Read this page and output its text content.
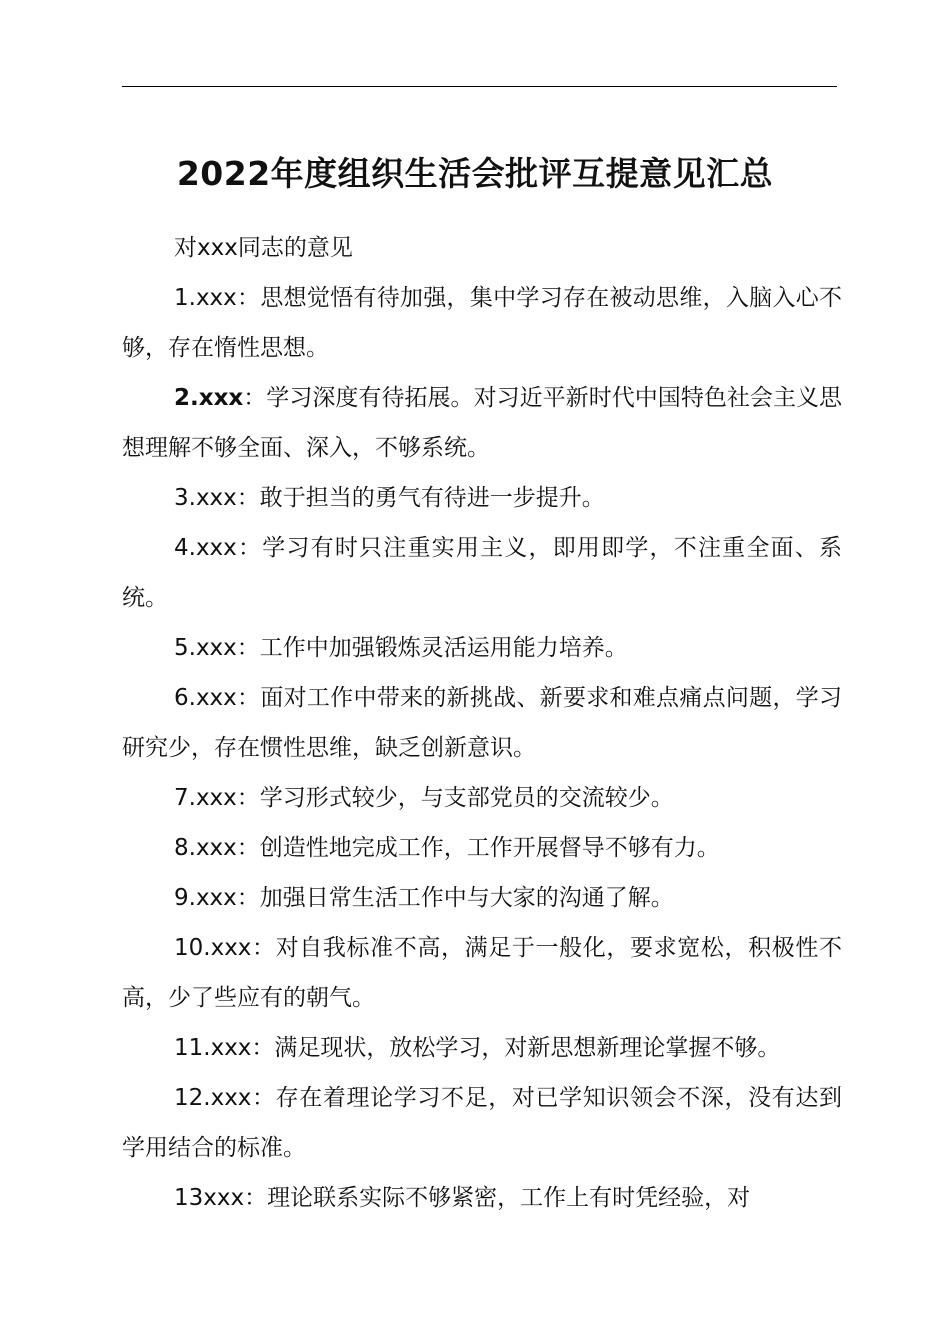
2022年度组织生活会批评互提意见汇总

对xxx同志的意见

1.xxx：思想觉悟有待加强，集中学习存在被动思维，入脑入心不够，存在惰性思想。

2.xxx：学习深度有待拓展。对习近平新时代中国特色社会主义思想理解不够全面、深入，不够系统。

3.xxx：敢于担当的勇气有待进一步提升。

4.xxx：学习有时只注重实用主义，即用即学，不注重全面、系统。

5.xxx：工作中加强锻炼灵活运用能力培养。

6.xxx：面对工作中带来的新挑战、新要求和难点痛点问题，学习研究少，存在惯性思维，缺乏创新意识。

7.xxx：学习形式较少，与支部党员的交流较少。

8.xxx：创造性地完成工作，工作开展督导不够有力。

9.xxx：加强日常生活工作中与大家的沟通了解。

10.xxx：对自我标准不高，满足于一般化，要求宽松，积极性不高，少了些应有的朝气。

11.xxx：满足现状，放松学习，对新思想新理论掌握不够。

12.xxx：存在着理论学习不足，对已学知识领会不深，没有达到学用结合的标准。

13xxx：理论联系实际不够紧密，工作上有时凭经验，对
